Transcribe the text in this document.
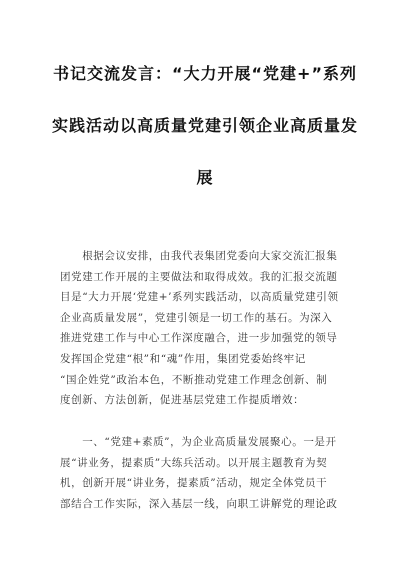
书记交流发言：“大力开展“党建+”系列
实践活动以高质量党建引领企业高质量发
展

　　根据会议安排，由我代表集团党委向大家交流汇报集
团党建工作开展的主要做法和取得成效。我的汇报交流题
目是“大力开展‘党建+’系列实践活动，以高质量党建引领
企业高质量发展”，党建引领是一切工作的基石。为深入
推进党建工作与中心工作深度融合，进一步加强党的领导
发挥国企党建“根”和“魂”作用，集团党委始终牢记
“国企姓党”政治本色，不断推动党建工作理念创新、制
度创新、方法创新，促进基层党建工作提质增效：

　　一、“党建+素质”，为企业高质量发展聚心。一是开
展“讲业务，提素质”大练兵活动。以开展主题教育为契
机，创新开展“讲业务，提素质”活动，规定全体党员干
部结合工作实际，深入基层一线，向职工讲解党的理论政
